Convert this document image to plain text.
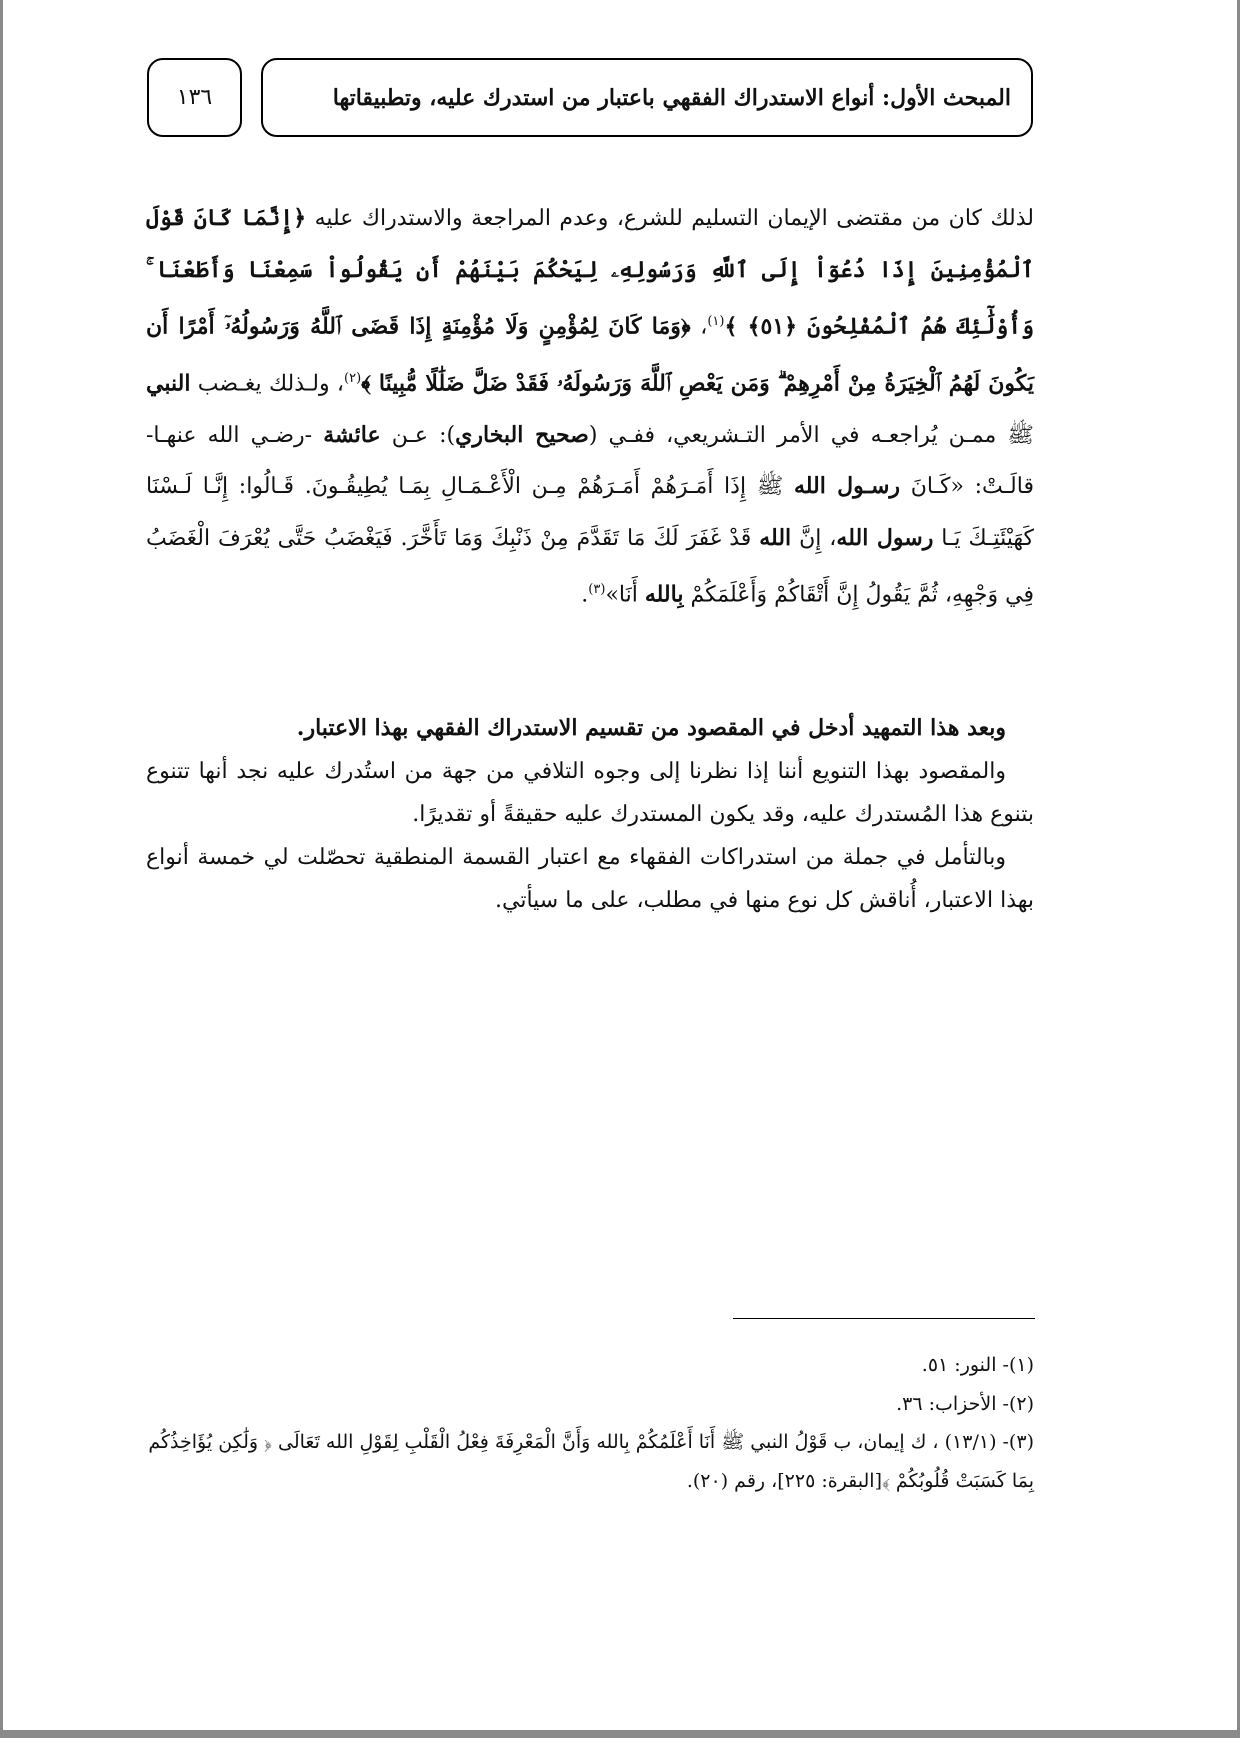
١٣٦	المبحث الأول: أنواع الاستدراك الفقهي باعتبار من استدرك عليه، وتطبيقاتها

لذلك كان من مقتضى الإيمان التسليم للشرع، وعدم المراجعة والاستدراك عليه ﴿إِنَّمَا كَانَ قَوْلَ ٱلْمُؤْمِنِينَ إِذَا دُعُوٓاْ إِلَى ٱللَّهِ وَرَسُولِهِۦ لِيَحْكُمَ بَيْنَهُمْ أَن يَقُولُواْ سَمِعْنَا وَأَطَعْنَا ۚ وَأُوْلَٰٓئِكَ هُمُ ٱلْمُفْلِحُونَ ﴿٥١﴾ ﴾$^{(١)}$، ﴿وَمَا كَانَ لِمُؤْمِنٍ وَلَا مُؤْمِنَةٍ إِذَا قَضَى ٱللَّهُ وَرَسُولُهُۥٓ أَمْرًا أَن يَكُونَ لَهُمُ ٱلْخِيَرَةُ مِنْ أَمْرِهِمْ ۗ وَمَن يَعْصِ ٱللَّهَ وَرَسُولَهُۥ فَقَدْ ضَلَّ ضَلَٰلًا مُّبِينًا ﴾$^{(٢)}$، ولـذلك يغـضب النبي ﷺ ممـن يُراجعـه في الأمر التـشريعي، ففـي (صحيح البخاري): عـن عائشة -رضـي الله عنهـا- قالَـتْ: «كَـانَ رسـول الله ﷺ إِذَا أَمَـرَهُمْ أَمَـرَهُمْ مِـن الْأَعْـمَـالِ بِمَـا يُطِيقُـونَ. قَـالُوا: إِنَّـا لَـسْنَا كَهَيْئَتِـكَ يَـا رسول الله، إِنَّ الله قَدْ غَفَرَ لَكَ مَا تَقَدَّمَ مِنْ ذَنْبِكَ وَمَا تَأَخَّرَ. فَيَغْضَبُ حَتَّى يُعْرَفَ الْغَضَبُ فِي وَجْهِهِ، ثُمَّ يَقُولُ إِنَّ أَتْقَاكُمْ وَأَعْلَمَكُمْ بِالله أَنَا»$^{(٣)}$.

وبعد هذا التمهيد أدخل في المقصود من تقسيم الاستدراك الفقهي بهذا الاعتبار.

والمقصود بهذا التنويع أننا إذا نظرنا إلى وجوه التلافي من جهة من استُدرك عليه نجد أنها تتنوع بتنوع هذا المُستدرك عليه، وقد يكون المستدرك عليه حقيقةً أو تقديرًا.

وبالتأمل في جملة من استدراكات الفقهاء مع اعتبار القسمة المنطقية تحصّلت لي خمسة أنواع بهذا الاعتبار، أُناقش كل نوع منها في مطلب، على ما سيأتي.

(١)- النور: ٥١.

(٢)- الأحزاب: ٣٦.

(٣)- (١٣/١) ، ك إيمان، ب قَوْلُ النبي ﷺ أَنَا أَعْلَمُكُمْ بِالله وَأَنَّ الْمَعْرِفَةَ فِعْلُ الْقَلْبِ لِقَوْلِ الله تَعَالَى ﴿ وَلَٰكِن يُؤَاخِذُكُم بِمَا كَسَبَتْ قُلُوبُكُمْ ﴾[البقرة: ٢٢٥]، رقم (٢٠).
